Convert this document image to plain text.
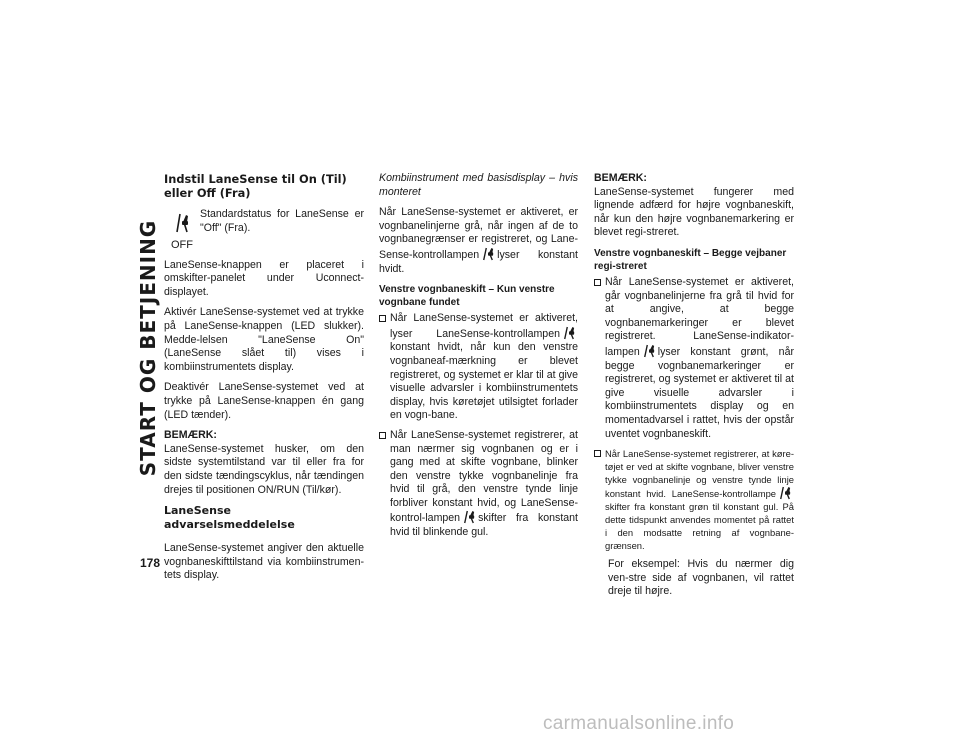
START OG BETJENING
178
Indstil LaneSense til On (Til) eller Off (Fra)
OFF

Standardstatus for LaneSense er "Off" (Fra).

LaneSense-knappen er placeret i omskifter-panelet under Uconnect-displayet.

Aktivér LaneSense-systemet ved at trykke på LaneSense-knappen (LED slukker). Medde-lelsen "LaneSense On" (LaneSense slået til) vises i kombiinstrumentets display.

Deaktivér LaneSense-systemet ved at trykke på LaneSense-knappen én gang (LED tænder).

BEMÆRK:

LaneSense-systemet husker, om den sidste systemtilstand var til eller fra for den sidste tændingscyklus, når tændingen drejes til positionen ON/RUN (Til/kør).

LaneSense advarselsmeddelelse

LaneSense-systemet angiver den aktuelle vognbaneskifttilstand via kombiinstrumen-tets display.

Kombiinstrument med basisdisplay – hvis monteret

Når LaneSense-systemet er aktiveret, er vognbanelinjerne grå, når ingen af de to vognbanegrænser er registreret, og Lane-Sense-kontrollampen lyser konstant hvidt.

Venstre vognbaneskift – Kun venstre vognbane fundet
Når LaneSense-systemet er aktiveret, lyser LaneSense-kontrollampenkonstant hvidt, når kun den venstre vognbaneaf-mærkning er blevet registreret, og systemet er klar til at give visuelle advarsler i kombiinstrumentets display, hvis køretøjet utilsigtet forlader en vogn-bane.
Når LaneSense-systemet registrerer, at man nærmer sig vognbanen og er i gang med at skifte vognbane, blinker den venstre tykke vognbanelinje fra hvid til grå, den venstre tynde linje forbliver konstant hvid, og LaneSense-kontrol-lampen skifter fra konstant hvid til blinkende gul.

BEMÆRK:

LaneSense-systemet fungerer med lignende adfærd for højre vognbaneskift, når kun den højre vognbanemarkering er blevet regi-streret.

Venstre vognbaneskift – Begge vejbaner regi-streret
Når LaneSense-systemet er aktiveret, går vognbanelinjerne fra grå til hvid for at angive, at begge vognbanemarkeringer er blevet registreret. LaneSense-indikator-lampen lyser konstant grønt, når begge vognbanemarkeringer er registreret, og systemet er aktiveret til at give visuelle advarsler i kombiinstrumentets display og en momentadvarsel i rattet, hvis der opstår uventet vognbaneskift.
Når LaneSense-systemet registrerer, at køre-tøjet er ved at skifte vognbane, bliver venstre tykke vognbanelinje og venstre tynde linje konstant hvid. LaneSense-kontrollampeskifter fra konstant grøn til konstant gul. På dette tidspunkt anvendes momentet på rattet i den modsatte retning af vognbane-grænsen.

For eksempel: Hvis du nærmer dig ven-stre side af vognbanen, vil rattet dreje til højre.

carmanualsonline.info
